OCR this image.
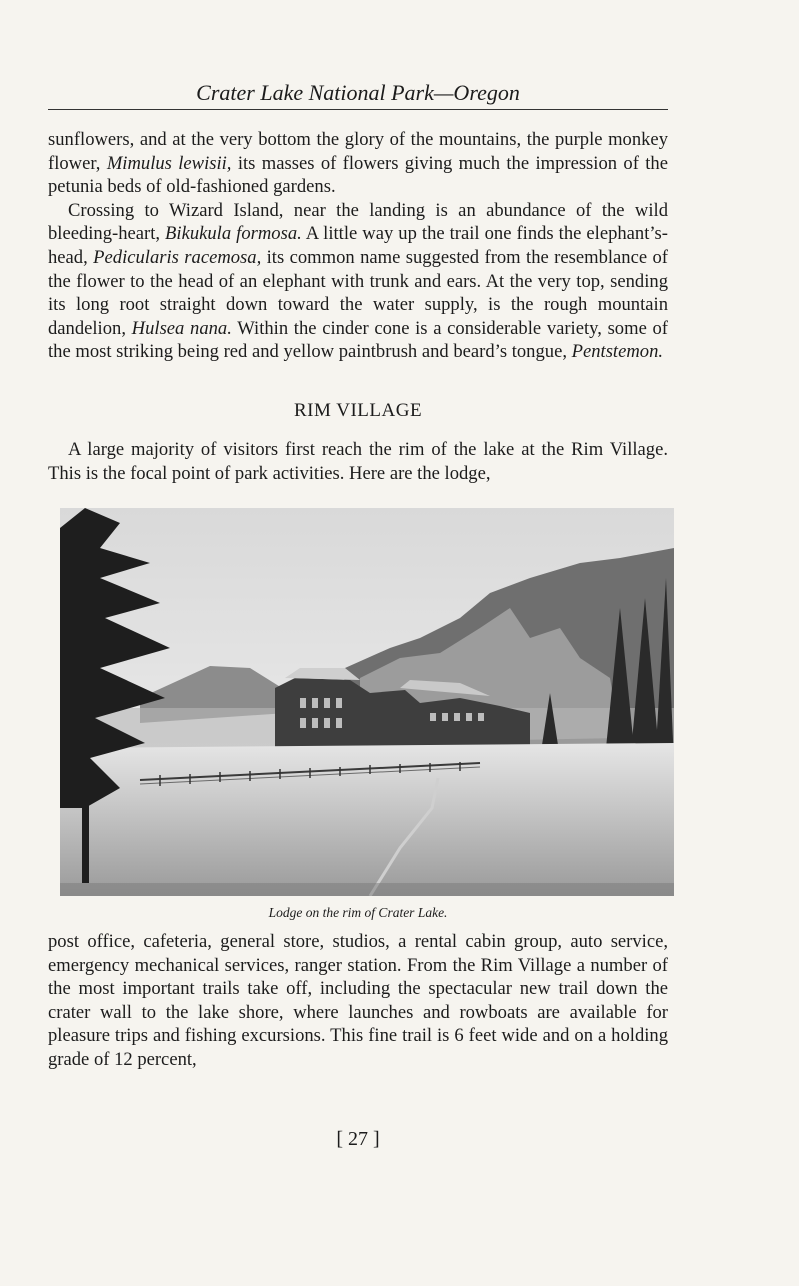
Crater Lake National Park—Oregon

sunflowers, and at the very bottom the glory of the mountains, the purple monkey flower, Mimulus lewisii, its masses of flowers giving much the impression of the petunia beds of old-fashioned gardens.

Crossing to Wizard Island, near the landing is an abundance of the wild bleeding-heart, Bikukula formosa. A little way up the trail one finds the elephant’s-head, Pedicularis racemosa, its common name suggested from the resemblance of the flower to the head of an elephant with trunk and ears. At the very top, sending its long root straight down toward the water supply, is the rough mountain dandelion, Hulsea nana. Within the cinder cone is a considerable variety, some of the most striking being red and yellow paintbrush and beard’s tongue, Pentstemon.

RIM VILLAGE

A large majority of visitors first reach the rim of the lake at the Rim Village. This is the focal point of park activities. Here are the lodge,

Lodge on the rim of Crater Lake.

post office, cafeteria, general store, studios, a rental cabin group, auto service, emergency mechanical services, ranger station. From the Rim Village a number of the most important trails take off, including the spectacular new trail down the crater wall to the lake shore, where launches and rowboats are available for pleasure trips and fishing excursions. This fine trail is 6 feet wide and on a holding grade of 12 percent,

[ 27 ]
